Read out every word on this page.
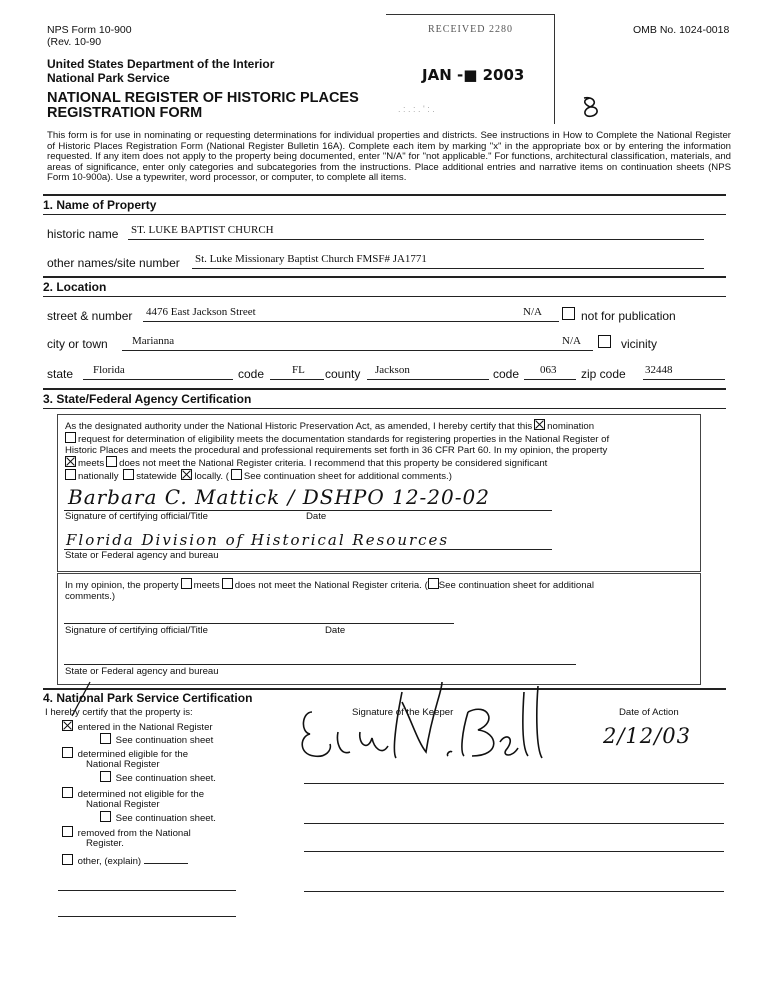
NPS Form 10-900
(Rev. 10-90
OMB No. 1024-0018
United States Department of the Interior
National Park Service
NATIONAL REGISTER OF HISTORIC PLACES
REGISTRATION FORM
RECEIVED 2280
JAN -■ 2003
. : . : . ' : .
This form is for use in nominating or requesting determinations for individual properties and districts. See instructions in How to Complete the National Register of Historic Places Registration Form (National Register Bulletin 16A). Complete each item by marking "x" in the appropriate box or by entering the information requested. If any item does not apply to the property being documented, enter "N/A" for "not applicable." For functions, architectural classification, materials, and areas of significance, enter only categories and subcategories from the instructions. Place additional entries and narrative items on continuation sheets (NPS Form 10-900a). Use a typewriter, word processor, or computer, to complete all items.
1. Name of Property
historic name ST. LUKE BAPTIST CHURCH
other names/site number St. Luke Missionary Baptist Church FMSF# JA1771
2. Location
street & number 4476 East Jackson Street	N/A	not for publication
city or town Marianna	N/A	vicinity
state Florida	code	FL county Jackson	code 063 zip code 32448
3. State/Federal Agency Certification
As the designated authority under the National Historic Preservation Act, as amended, I hereby certify that this nomination
request for determination of eligibility meets the documentation standards for registering properties in the National Register of
Historic Places and meets the procedural and professional requirements set forth in 36 CFR Part 60. In my opinion, the property
meets does not meet the National Register criteria. I recommend that this property be considered significant
nationally statewide locally. ( See continuation sheet for additional comments.)
Barbara C. Mattick / DSHPO 12-20-02
Signature of certifying official/Title	Date
Florida Division of Historical Resources
State or Federal agency and bureau
In my opinion, the property meets does not meet the National Register criteria. ( See continuation sheet for additional
comments.)
Signature of certifying official/Title	Date
State or Federal agency and bureau
4. National Park Service Certification
I hereby certify that the property is:
entered in the National Register
See continuation sheet
determined eligible for the
National Register
See continuation sheet.
determined not eligible for the
National Register
See continuation sheet.
removed from the National
Register.
other, (explain)
Signature of the Keeper	Date of Action
2/12/03
